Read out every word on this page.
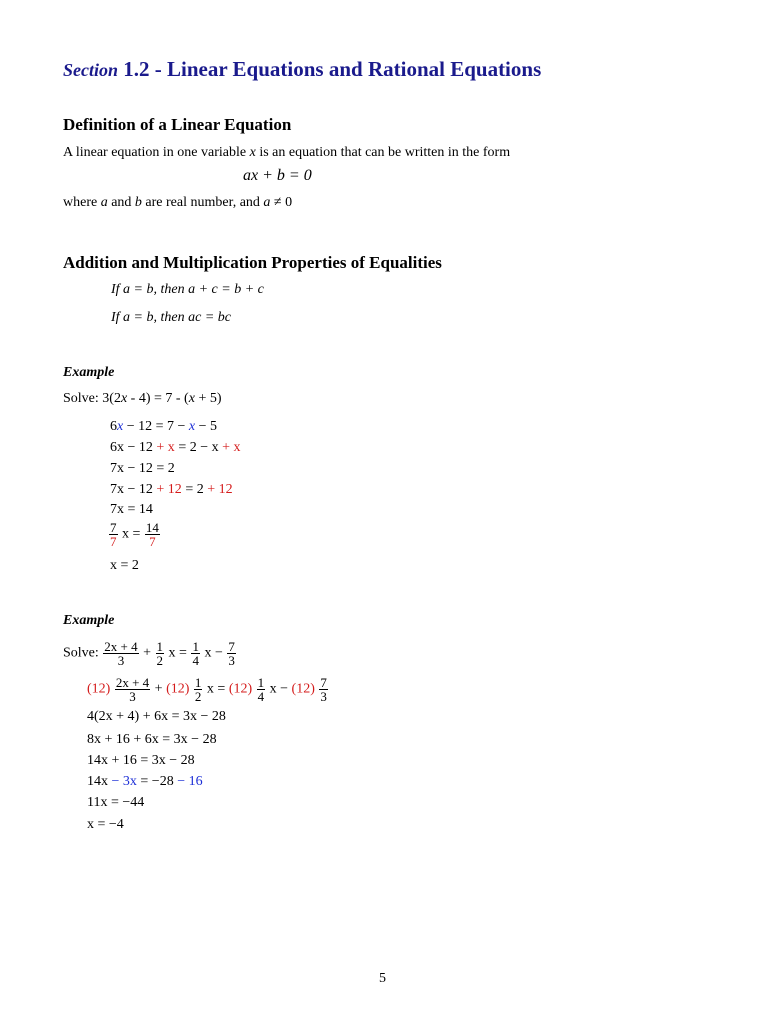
Section 1.2 - Linear Equations and Rational Equations
Definition of a Linear Equation
A linear equation in one variable x is an equation that can be written in the form
ax + b = 0
where a and b are real number, and a ≠ 0
Addition and Multiplication Properties of Equalities
If a = b, then a + c = b + c
If a = b, then ac = bc
Example
Solve: 3(2x - 4) = 7 - (x + 5)
6x − 12 = 7 − x − 5
6x − 12 + x = 2 − x + x
7x − 12 = 2
7x − 12 + 12 = 2 + 12
7x = 14
$\frac{7}{7}$ $x = \frac{14}{7}$
x = 2
Example
Solve: $\frac{2x + 4}{3} + \frac{1}{2}$ $x = \frac{1}{4}$ $x - \frac{7}{3}$
$(12) \frac{2x + 4}{3} + (12) \frac{1}{2}$ $x = (12) \frac{1}{4}$ $x - (12) \frac{7}{3}$
4(2x + 4) + 6x = 3x − 28
8x + 16 + 6x = 3x − 28
14x + 16 = 3x − 28
14x − 3x = −28 − 16
11x = −44
x = −4
5
